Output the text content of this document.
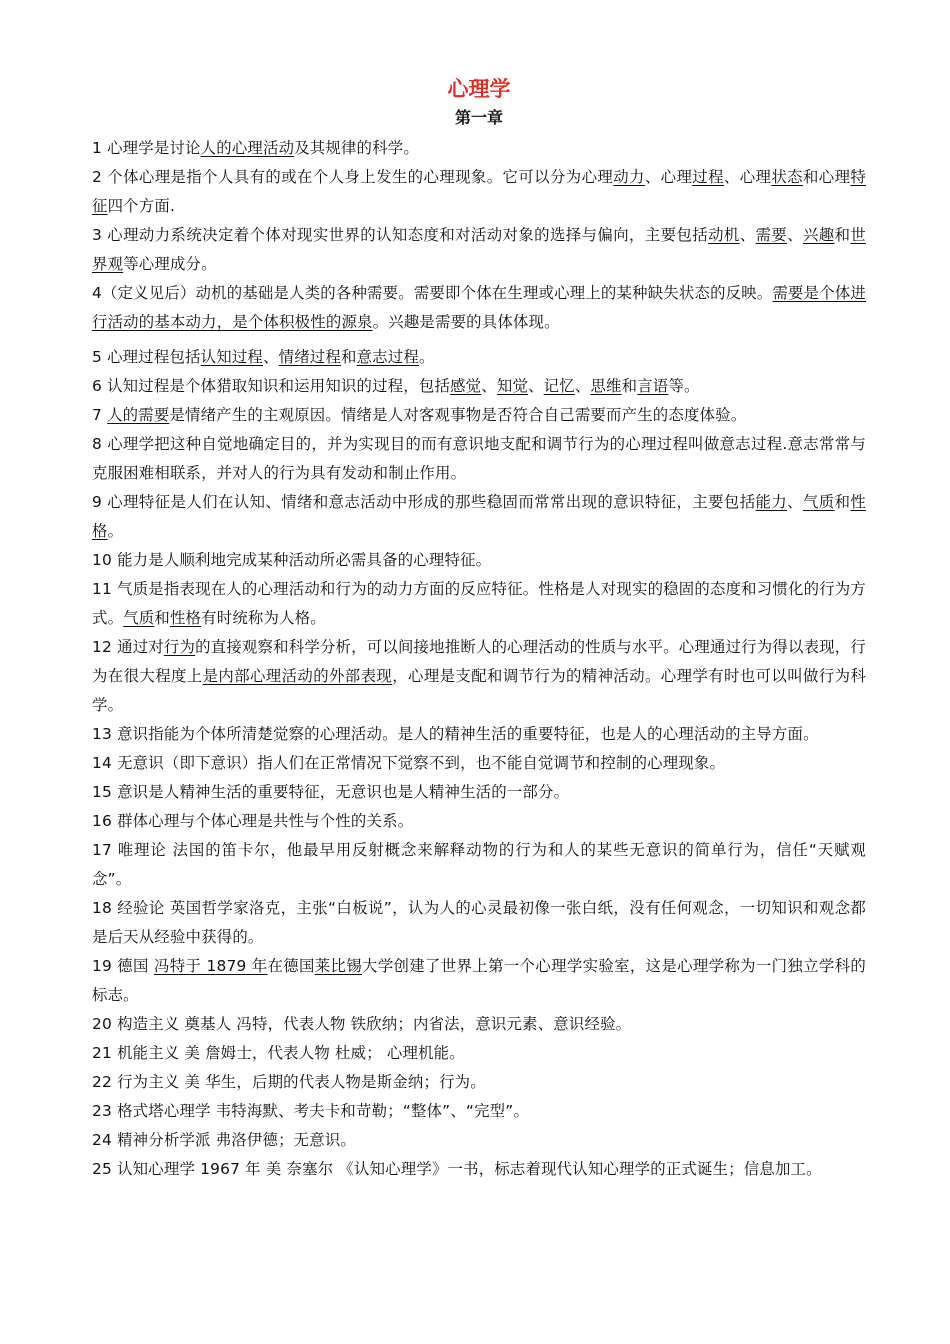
心理学
第一章

1 心理学是讨论人的心理活动及其规律的科学。

2 个体心理是指个人具有的或在个人身上发生的心理现象。它可以分为心理动力、心理过程、心理状态和心理特征四个方面.

3 心理动力系统决定着个体对现实世界的认知态度和对活动对象的选择与偏向，主要包括动机、需要、兴趣和世界观等心理成分。

4（定义见后）动机的基础是人类的各种需要。需要即个体在生理或心理上的某种缺失状态的反映。需要是个体进行活动的基本动力，是个体积极性的源泉。兴趣是需要的具体体现。

5 心理过程包括认知过程、情绪过程和意志过程。

6 认知过程是个体猎取知识和运用知识的过程，包括感觉、知觉、记忆、思维和言语等。

7 人的需要是情绪产生的主观原因。情绪是人对客观事物是否符合自己需要而产生的态度体验。

8 心理学把这种自觉地确定目的，并为实现目的而有意识地支配和调节行为的心理过程叫做意志过程.意志常常与克服困难相联系，并对人的行为具有发动和制止作用。

9 心理特征是人们在认知、情绪和意志活动中形成的那些稳固而常常出现的意识特征，主要包括能力、气质和性格。

10 能力是人顺利地完成某种活动所必需具备的心理特征。

11 气质是指表现在人的心理活动和行为的动力方面的反应特征。性格是人对现实的稳固的态度和习惯化的行为方式。气质和性格有时统称为人格。

12 通过对行为的直接观察和科学分析，可以间接地推断人的心理活动的性质与水平。心理通过行为得以表现，行为在很大程度上是内部心理活动的外部表现，心理是支配和调节行为的精神活动。心理学有时也可以叫做行为科学。

13 意识指能为个体所清楚觉察的心理活动。是人的精神生活的重要特征，也是人的心理活动的主导方面。

14 无意识（即下意识）指人们在正常情况下觉察不到，也不能自觉调节和控制的心理现象。

15 意识是人精神生活的重要特征，无意识也是人精神生活的一部分。

16 群体心理与个体心理是共性与个性的关系。

17 唯理论 法国的笛卡尔，他最早用反射概念来解释动物的行为和人的某些无意识的简单行为，信任“天赋观念”。

18 经验论 英国哲学家洛克，主张“白板说”，认为人的心灵最初像一张白纸，没有任何观念，一切知识和观念都是后天从经验中获得的。

19 德国 冯特于 1879 年在德国莱比锡大学创建了世界上第一个心理学实验室，这是心理学称为一门独立学科的标志。

20 构造主义 奠基人 冯特，代表人物 铁欣纳；内省法，意识元素、意识经验。

21 机能主义 美 詹姆士，代表人物 杜威； 心理机能。

22 行为主义 美 华生，后期的代表人物是斯金纳；行为。

23 格式塔心理学 韦特海默、考夫卡和苛勒；“整体”、“完型”。

24 精神分析学派 弗洛伊德；无意识。

25 认知心理学 1967 年 美 奈塞尔 《认知心理学》一书，标志着现代认知心理学的正式诞生；信息加工。
